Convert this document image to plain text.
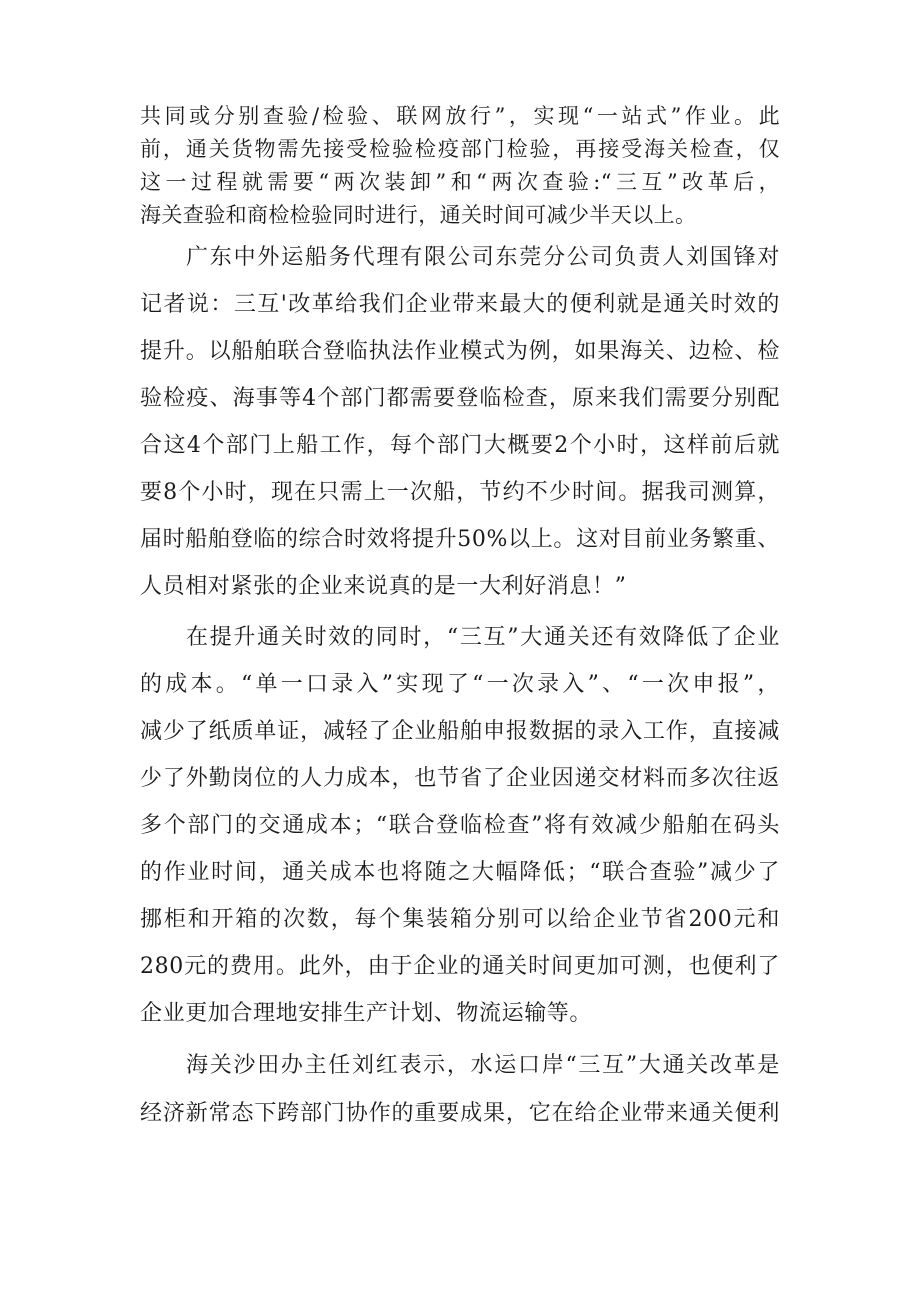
共同或分别查验/检验、联网放行”，实现“一站式”作业。此
前，通关货物需先接受检验检疫部门检验，再接受海关检查，仅
这一过程就需要“两次装卸”和“两次查验:“三互”改革后，
海关查验和商检检验同时进行，通关时间可减少半天以上。
广东中外运船务代理有限公司东莞分公司负责人刘国锋对
记者说：三互'改革给我们企业带来最大的便利就是通关时效的
提升。以船舶联合登临执法作业模式为例，如果海关、边检、检
验检疫、海事等4个部门都需要登临检查，原来我们需要分别配
合这4个部门上船工作，每个部门大概要2个小时，这样前后就
要8个小时，现在只需上一次船，节约不少时间。据我司测算，
届时船舶登临的综合时效将提升50%以上。这对目前业务繁重、
人员相对紧张的企业来说真的是一大利好消息！”
在提升通关时效的同时，“三互”大通关还有效降低了企业
的成本。“单一口录入”实现了“一次录入”、“一次申报”，
减少了纸质单证，减轻了企业船舶申报数据的录入工作，直接减
少了外勤岗位的人力成本，也节省了企业因递交材料而多次往返
多个部门的交通成本；“联合登临检查”将有效减少船舶在码头
的作业时间，通关成本也将随之大幅降低；“联合查验”减少了
挪柜和开箱的次数，每个集装箱分别可以给企业节省200元和
280元的费用。此外，由于企业的通关时间更加可测，也便利了
企业更加合理地安排生产计划、物流运输等。
海关沙田办主任刘红表示，水运口岸“三互”大通关改革是
经济新常态下跨部门协作的重要成果，它在给企业带来通关便利
